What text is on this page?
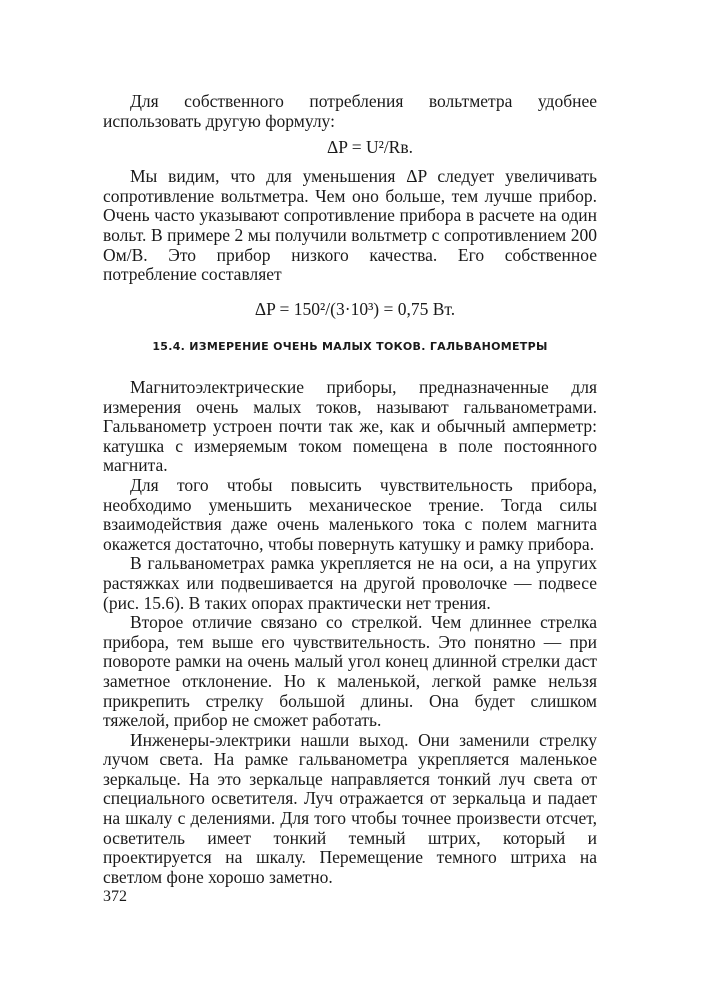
Для собственного потребления вольтметра удобнее использовать другую формулу:

ΔP = U²/Rв.

Мы видим, что для уменьшения ΔP следует увеличивать сопротивление вольтметра. Чем оно больше, тем лучше прибор. Очень часто указывают сопротивление прибора в расчете на один вольт. В примере 2 мы получили вольтметр с сопротивлением 200 Ом/В. Это прибор низкого качества. Его собственное потребление составляет

ΔP = 150²/(3·10³) = 0,75 Вт.
15.4. ИЗМЕРЕНИЕ ОЧЕНЬ МАЛЫХ ТОКОВ. ГАЛЬВАНОМЕТРЫ

Магнитоэлектрические приборы, предназначенные для измерения очень малых токов, называют гальванометрами. Гальванометр устроен почти так же, как и обычный амперметр: катушка с измеряемым током помещена в поле постоянного магнита.

Для того чтобы повысить чувствительность прибора, необходимо уменьшить механическое трение. Тогда силы взаимодействия даже очень маленького тока с полем магнита окажется достаточно, чтобы повернуть катушку и рамку прибора.

В гальванометрах рамка укрепляется не на оси, а на упругих растяжках или подвешивается на другой проволочке — подвесе (рис. 15.6). В таких опорах практически нет трения.

Второе отличие связано со стрелкой. Чем длиннее стрелка прибора, тем выше его чувствительность. Это понятно — при повороте рамки на очень малый угол конец длинной стрелки даст заметное отклонение. Но к маленькой, легкой рамке нельзя прикрепить стрелку большой длины. Она будет слишком тяжелой, прибор не сможет работать.

Инженеры-электрики нашли выход. Они заменили стрелку лучом света. На рамке гальванометра укрепляется маленькое зеркальце. На это зеркальце направляется тонкий луч света от специального осветителя. Луч отражается от зеркальца и падает на шкалу с делениями. Для того чтобы точнее произвести отсчет, осветитель имеет тонкий темный штрих, который и проектируется на шкалу. Перемещение темного штриха на светлом фоне хорошо заметно.

372
